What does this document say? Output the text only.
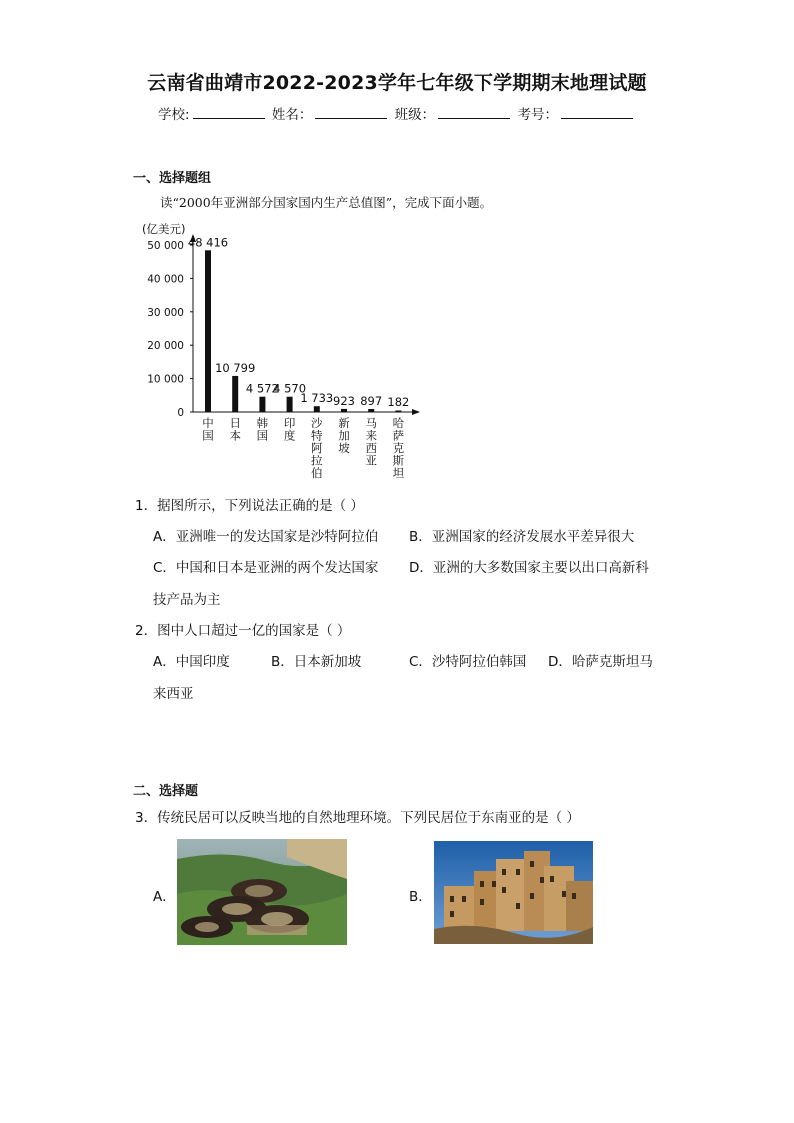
云南省曲靖市2022-2023学年七年级下学期期末地理试题
学校:	姓名：	班级：	考号：
一、选择题组
读“2000年亚洲部分国家国内生产总值图”，完成下面小题。
(亿美元)
0
10 000
20 000
30 000
40 000
50 000 48 416
中
国
10 799
日
本
4 572
韩
国
4 570
印
度
1 733
沙
特
阿
拉
伯
923
新
加
坡
897
马
来
西
亚
182
哈
萨
克
斯
坦
1．据图所示，下列说法正确的是（ ）
A．亚洲唯一的发达国家是沙特阿拉伯 B．亚洲国家的经济发展水平差异很大
C．中国和日本是亚洲的两个发达国家 D．亚洲的大多数国家主要以出口高新科
技产品为主
2．图中人口超过一亿的国家是（ ）
A．中国印度	B．日本新加坡	C．沙特阿拉伯韩国 D．哈萨克斯坦马
来西亚
二、选择题
3．传统民居可以反映当地的自然地理环境。下列民居位于东南亚的是（ ）
A．	B．
